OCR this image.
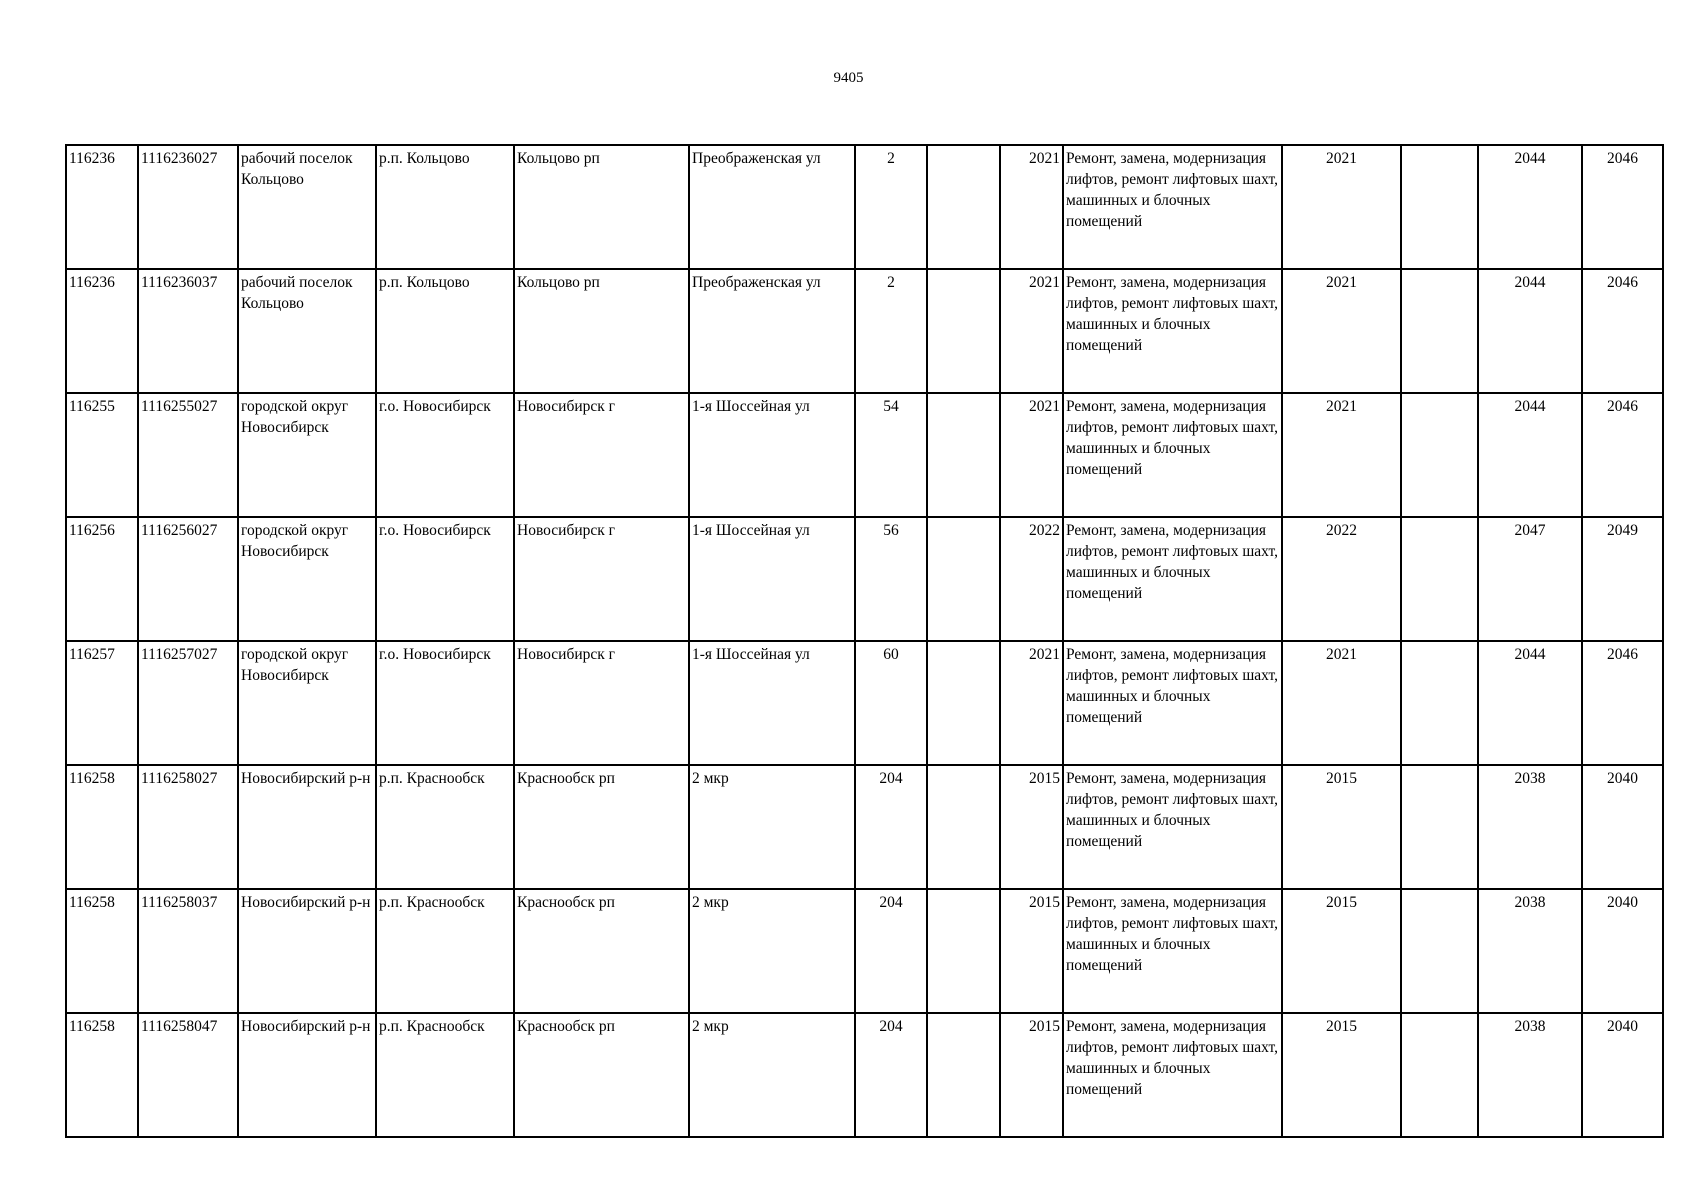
9405
116236	1116236027	рабочий поселок Кольцово	р.п. Кольцово	Кольцово рп	Преображенская ул	2		2021	Ремонт, замена, модернизация лифтов, ремонт лифтовых шахт, машинных и блочных помещений	2021		2044	2046
116236	1116236037	рабочий поселок Кольцово	р.п. Кольцово	Кольцово рп	Преображенская ул	2		2021	Ремонт, замена, модернизация лифтов, ремонт лифтовых шахт, машинных и блочных помещений	2021		2044	2046
116255	1116255027	городской округ Новосибирск	г.о. Новосибирск	Новосибирск г	1-я Шоссейная ул	54		2021	Ремонт, замена, модернизация лифтов, ремонт лифтовых шахт, машинных и блочных помещений	2021		2044	2046
116256	1116256027	городской округ Новосибирск	г.о. Новосибирск	Новосибирск г	1-я Шоссейная ул	56		2022	Ремонт, замена, модернизация лифтов, ремонт лифтовых шахт, машинных и блочных помещений	2022		2047	2049
116257	1116257027	городской округ Новосибирск	г.о. Новосибирск	Новосибирск г	1-я Шоссейная ул	60		2021	Ремонт, замена, модернизация лифтов, ремонт лифтовых шахт, машинных и блочных помещений	2021		2044	2046
116258	1116258027	Новосибирский р-н	р.п. Краснообск	Краснообск рп	2 мкр	204		2015	Ремонт, замена, модернизация лифтов, ремонт лифтовых шахт, машинных и блочных помещений	2015		2038	2040
116258	1116258037	Новосибирский р-н	р.п. Краснообск	Краснообск рп	2 мкр	204		2015	Ремонт, замена, модернизация лифтов, ремонт лифтовых шахт, машинных и блочных помещений	2015		2038	2040
116258	1116258047	Новосибирский р-н	р.п. Краснообск	Краснообск рп	2 мкр	204		2015	Ремонт, замена, модернизация лифтов, ремонт лифтовых шахт, машинных и блочных помещений	2015		2038	2040
